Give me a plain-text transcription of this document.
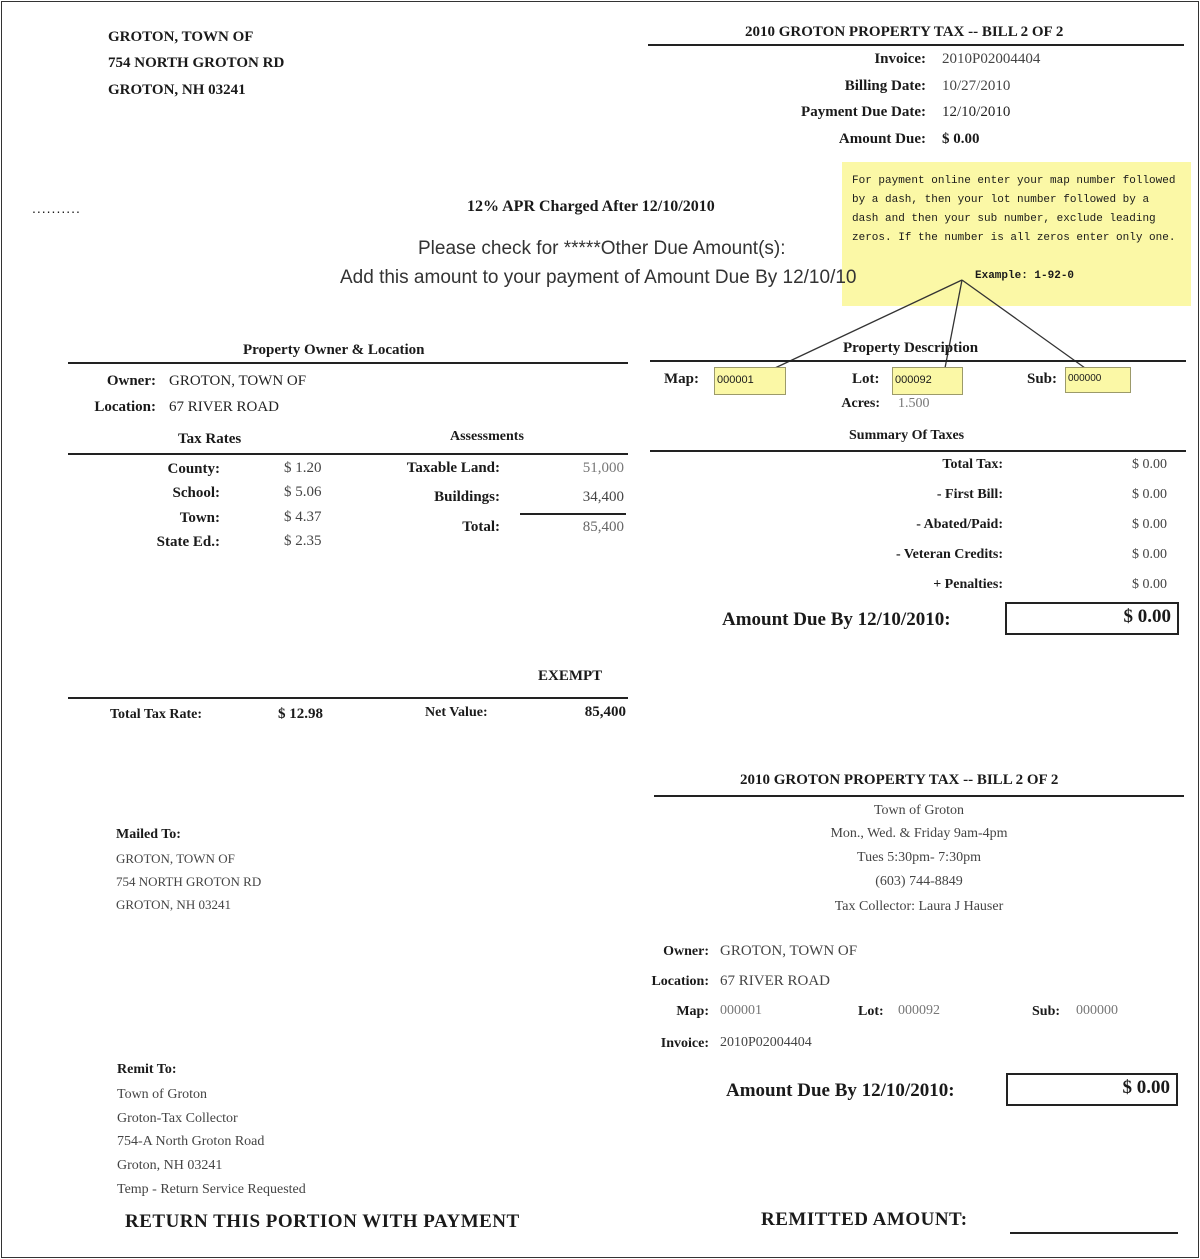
GROTON, TOWN OF
754 NORTH GROTON RD
GROTON, NH 03241
2010 GROTON PROPERTY TAX -- BILL 2 OF 2
Invoice: 2010P02004404
Billing Date: 10/27/2010
Payment Due Date: 12/10/2010
Amount Due: $ 0.00
For payment online enter your map number followed by a dash, then your lot number followed by a dash and then your sub number, exclude leading zeros. If the number is all zeros enter only one.
Example: 1-92-0
..........	12% APR Charged After 12/10/2010
Please check for *****Other Due Amount(s):
Add this amount to your payment of Amount Due By 12/10/10
Property Owner & Location
Owner: GROTON, TOWN OF
Location: 67 RIVER ROAD
Property Description
Map: 000001	Lot: 000092	Sub:	000000
Acres: 1.500
Tax Rates	Assessments
County:	$ 1.20
School:	$ 5.06
Town:	$ 4.37
State Ed.:	$ 2.35
Taxable Land:	51,000
Buildings:	34,400
Total:	85,400
Summary Of Taxes
Total Tax:	$ 0.00
- First Bill:	$ 0.00
- Abated/Paid:	$ 0.00
- Veteran Credits:	$ 0.00
+ Penalties:	$ 0.00
Amount Due By 12/10/2010:	$ 0.00
EXEMPT
Total Tax Rate:	$ 12.98	Net Value:	85,400
2010 GROTON PROPERTY TAX -- BILL 2 OF 2
Town of Groton
Mon., Wed. & Friday 9am-4pm
Tues 5:30pm- 7:30pm
(603) 744-8849
Tax Collector: Laura J Hauser
Owner: GROTON, TOWN OF
Location: 67 RIVER ROAD
Map: 000001	Lot: 000092	Sub: 000000
Invoice: 2010P02004404
Amount Due By 12/10/2010:	$ 0.00
Mailed To:
GROTON, TOWN OF
754 NORTH GROTON RD
GROTON, NH 03241
Remit To:
Town of Groton
Groton-Tax Collector
754-A North Groton Road
Groton, NH 03241
Temp - Return Service Requested
RETURN THIS PORTION WITH PAYMENT	REMITTED AMOUNT:
